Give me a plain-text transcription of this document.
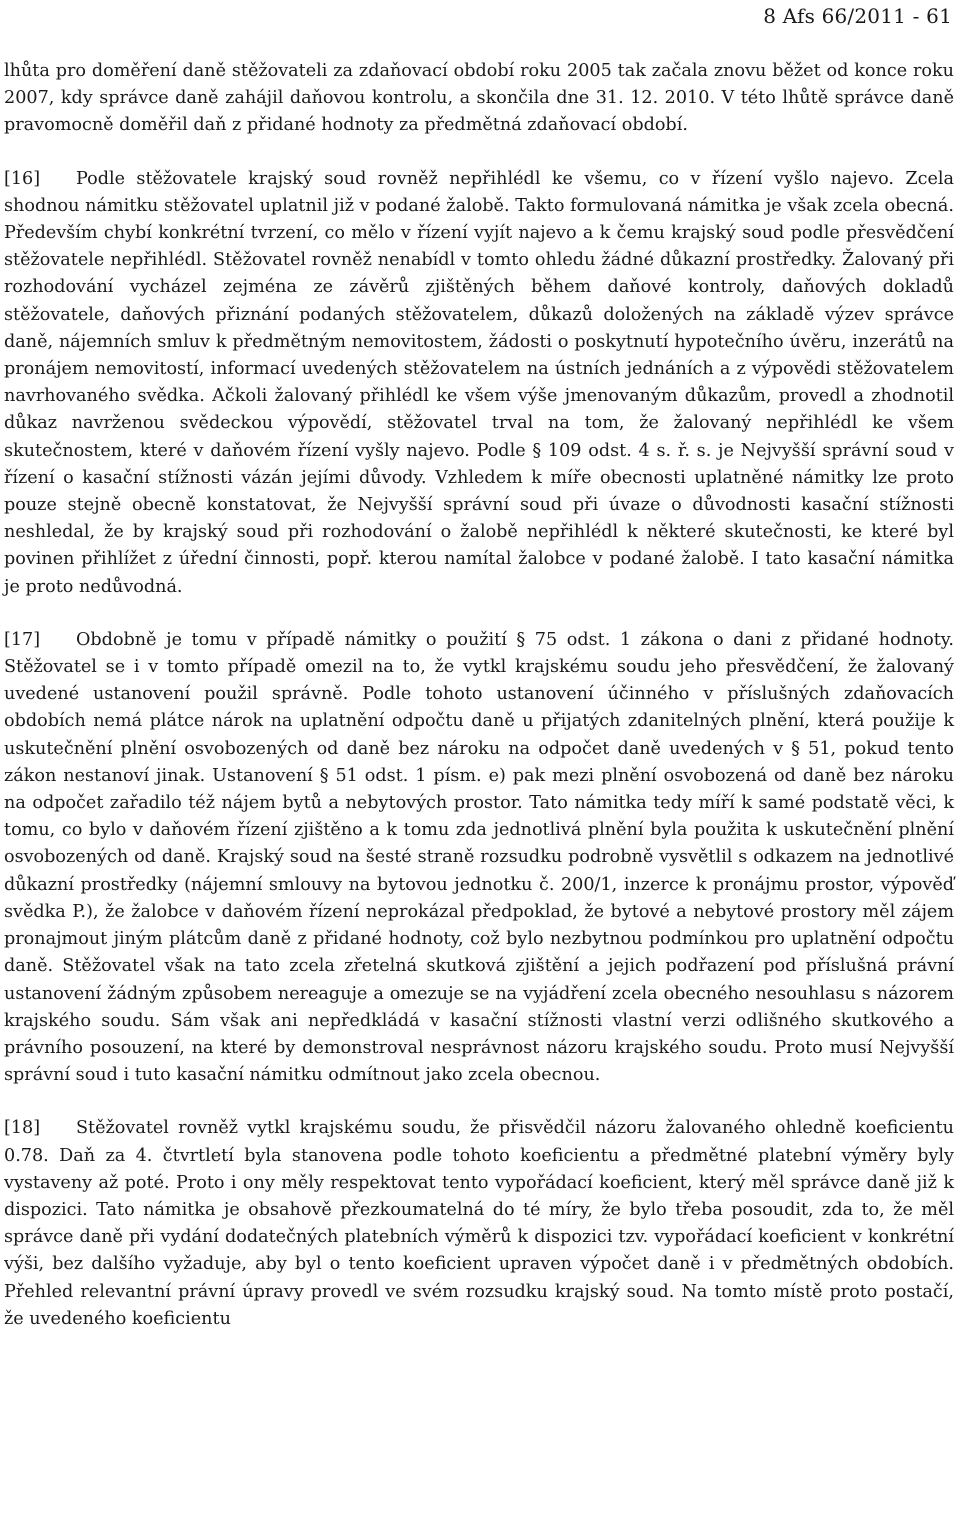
8 Afs 66/2011 - 61

lhůta pro doměření daně stěžovateli za zdaňovací období roku 2005 tak začala znovu běžet od konce roku 2007, kdy správce daně zahájil daňovou kontrolu, a skončila dne 31. 12. 2010. V této lhůtě správce daně pravomocně doměřil daň z přidané hodnoty za předmětná zdaňovací období.

[16] Podle stěžovatele krajský soud rovněž nepřihlédl ke všemu, co v řízení vyšlo najevo. Zcela shodnou námitku stěžovatel uplatnil již v podané žalobě. Takto formulovaná námitka je však zcela obecná. Především chybí konkrétní tvrzení, co mělo v řízení vyjít najevo a k čemu krajský soud podle přesvědčení stěžovatele nepřihlédl. Stěžovatel rovněž nenabídl v tomto ohledu žádné důkazní prostředky. Žalovaný při rozhodování vycházel zejména ze závěrů zjištěných během daňové kontroly, daňových dokladů stěžovatele, daňových přiznání podaných stěžovatelem, důkazů doložených na základě výzev správce daně, nájemních smluv k předmětným nemovitostem, žádosti o poskytnutí hypotečního úvěru, inzerátů na pronájem nemovitostí, informací uvedených stěžovatelem na ústních jednáních a z výpovědi stěžovatelem navrhovaného svědka. Ačkoli žalovaný přihlédl ke všem výše jmenovaným důkazům, provedl a zhodnotil důkaz navrženou svědeckou výpovědí, stěžovatel trval na tom, že žalovaný nepřihlédl ke všem skutečnostem, které v daňovém řízení vyšly najevo. Podle § 109 odst. 4 s. ř. s. je Nejvyšší správní soud v řízení o kasační stížnosti vázán jejími důvody. Vzhledem k míře obecnosti uplatněné námitky lze proto pouze stejně obecně konstatovat, že Nejvyšší správní soud při úvaze o důvodnosti kasační stížnosti neshledal, že by krajský soud při rozhodování o žalobě nepřihlédl k některé skutečnosti, ke které byl povinen přihlížet z úřední činnosti, popř. kterou namítal žalobce v podané žalobě. I tato kasační námitka je proto nedůvodná.

[17] Obdobně je tomu v případě námitky o použití § 75 odst. 1 zákona o dani z přidané hodnoty. Stěžovatel se i v tomto případě omezil na to, že vytkl krajskému soudu jeho přesvědčení, že žalovaný uvedené ustanovení použil správně. Podle tohoto ustanovení účinného v příslušných zdaňovacích obdobích nemá plátce nárok na uplatnění odpočtu daně u přijatých zdanitelných plnění, která použije k uskutečnění plnění osvobozených od daně bez nároku na odpočet daně uvedených v § 51, pokud tento zákon nestanoví jinak. Ustanovení § 51 odst. 1 písm. e) pak mezi plnění osvobozená od daně bez nároku na odpočet zařadilo též nájem bytů a nebytových prostor. Tato námitka tedy míří k samé podstatě věci, k tomu, co bylo v daňovém řízení zjištěno a k tomu zda jednotlivá plnění byla použita k uskutečnění plnění osvobozených od daně. Krajský soud na šesté straně rozsudku podrobně vysvětlil s odkazem na jednotlivé důkazní prostředky (nájemní smlouvy na bytovou jednotku č. 200/1, inzerce k pronájmu prostor, výpověď svědka P.), že žalobce v daňovém řízení neprokázal předpoklad, že bytové a nebytové prostory měl zájem pronajmout jiným plátcům daně z přidané hodnoty, což bylo nezbytnou podmínkou pro uplatnění odpočtu daně. Stěžovatel však na tato zcela zřetelná skutková zjištění a jejich podřazení pod příslušná právní ustanovení žádným způsobem nereaguje a omezuje se na vyjádření zcela obecného nesouhlasu s názorem krajského soudu. Sám však ani nepředkládá v kasační stížnosti vlastní verzi odlišného skutkového a právního posouzení, na které by demonstroval nesprávnost názoru krajského soudu. Proto musí Nejvyšší správní soud i tuto kasační námitku odmítnout jako zcela obecnou.

[18] Stěžovatel rovněž vytkl krajskému soudu, že přisvědčil názoru žalovaného ohledně koeficientu 0.78. Daň za 4. čtvrtletí byla stanovena podle tohoto koeficientu a předmětné platební výměry byly vystaveny až poté. Proto i ony měly respektovat tento vypořádací koeficient, který měl správce daně již k dispozici. Tato námitka je obsahově přezkoumatelná do té míry, že bylo třeba posoudit, zda to, že měl správce daně při vydání dodatečných platebních výměrů k dispozici tzv. vypořádací koeficient v konkrétní výši, bez dalšího vyžaduje, aby byl o tento koeficient upraven výpočet daně i v předmětných obdobích. Přehled relevantní právní úpravy provedl ve svém rozsudku krajský soud. Na tomto místě proto postačí, že uvedeného koeficientu
